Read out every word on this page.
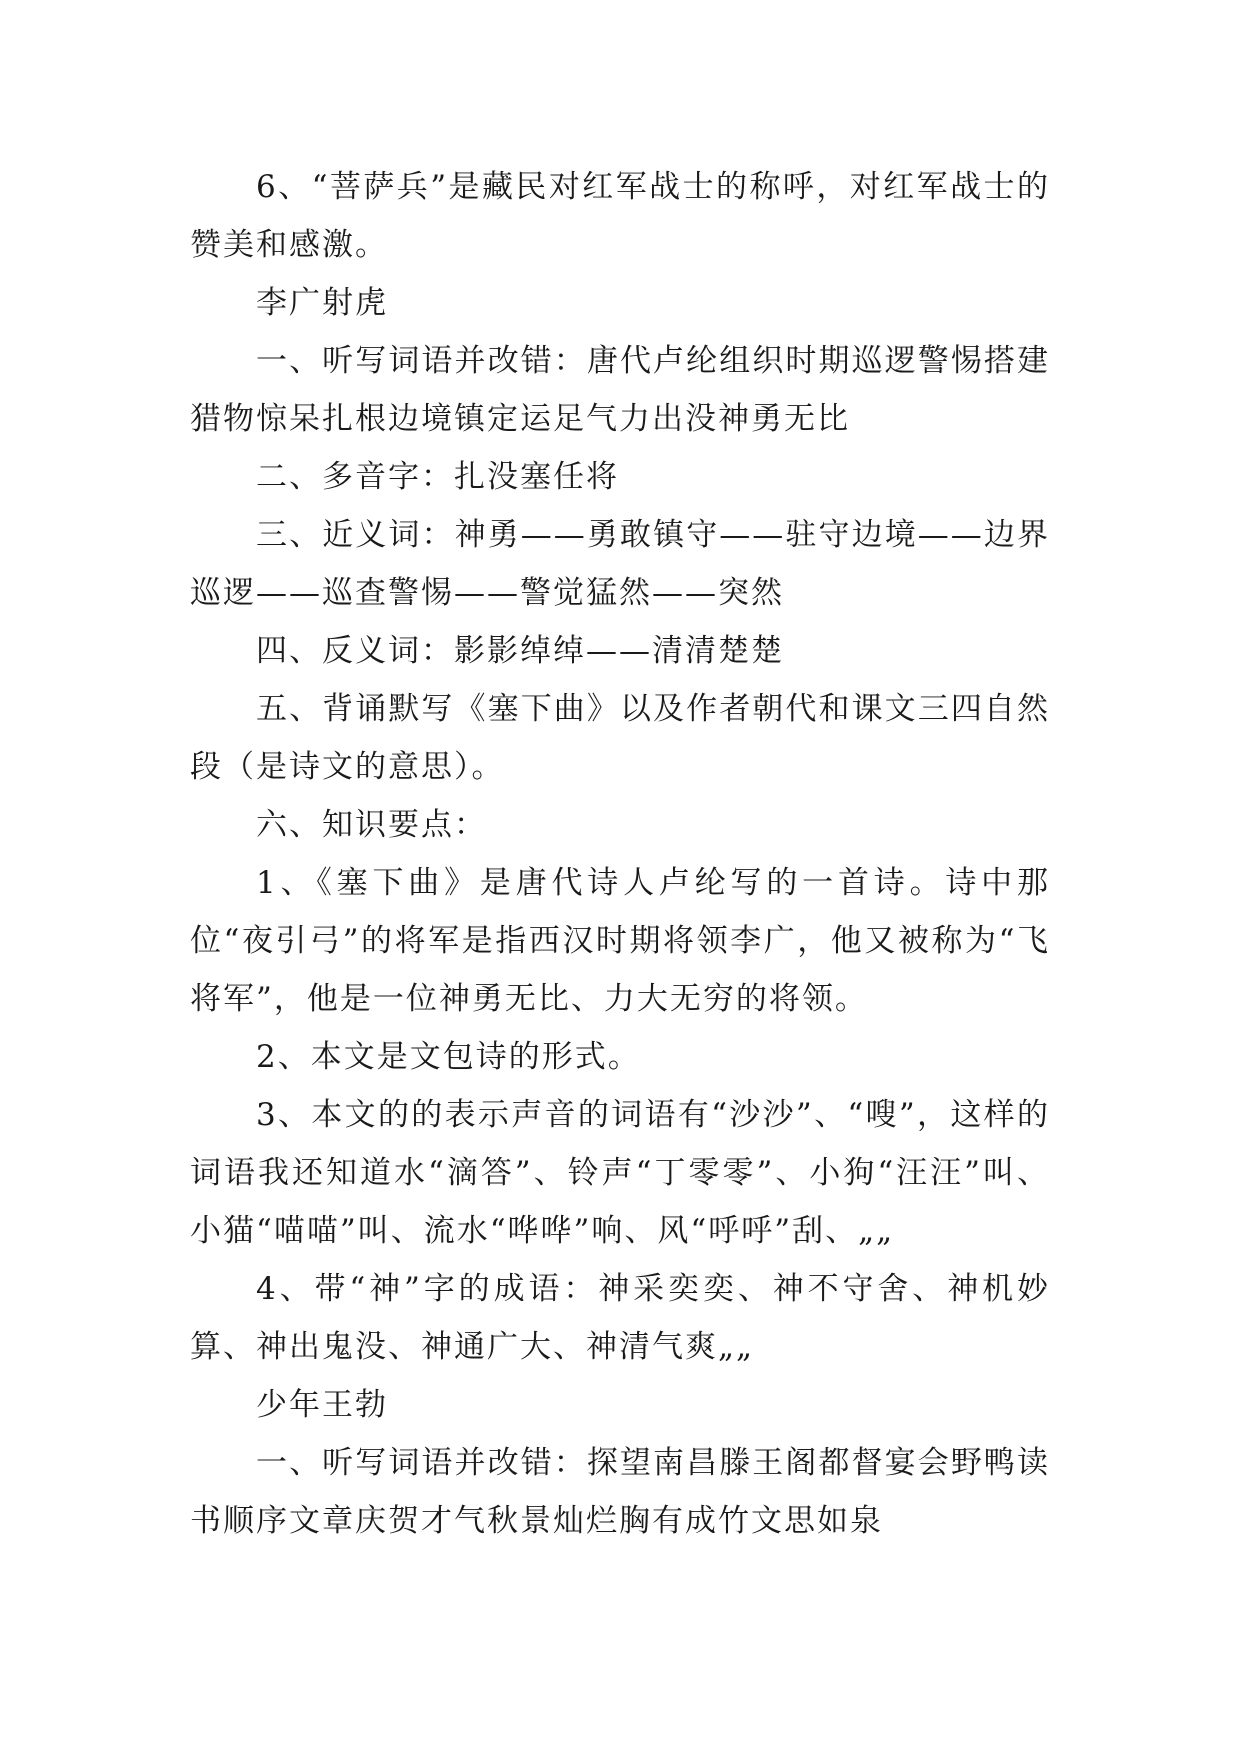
6、“菩萨兵”是藏民对红军战士的称呼，对红军战士的赞美和感激。

李广射虎

一、听写词语并改错：唐代卢纶组织时期巡逻警惕搭建猎物惊呆扎根边境镇定运足气力出没神勇无比

二、多音字：扎没塞任将

三、近义词：神勇——勇敢镇守——驻守边境——边界巡逻——巡查警惕——警觉猛然——突然

四、反义词：影影绰绰——清清楚楚

五、背诵默写《塞下曲》以及作者朝代和课文三四自然段（是诗文的意思）。

六、知识要点：

1、《塞下曲》是唐代诗人卢纶写的一首诗。诗中那位“夜引弓”的将军是指西汉时期将领李广，他又被称为“飞将军”，他是一位神勇无比、力大无穷的将领。

2、本文是文包诗的形式。

3、本文的的表示声音的词语有“沙沙”、“嗖”，这样的词语我还知道水“滴答”、铃声“丁零零”、小狗“汪汪”叫、小猫“喵喵”叫、流水“哗哗”响、风“呼呼”刮、„„

4、带“神”字的成语：神采奕奕、神不守舍、神机妙算、神出鬼没、神通广大、神清气爽„„

少年王勃

一、听写词语并改错：探望南昌滕王阁都督宴会野鸭读书顺序文章庆贺才气秋景灿烂胸有成竹文思如泉
